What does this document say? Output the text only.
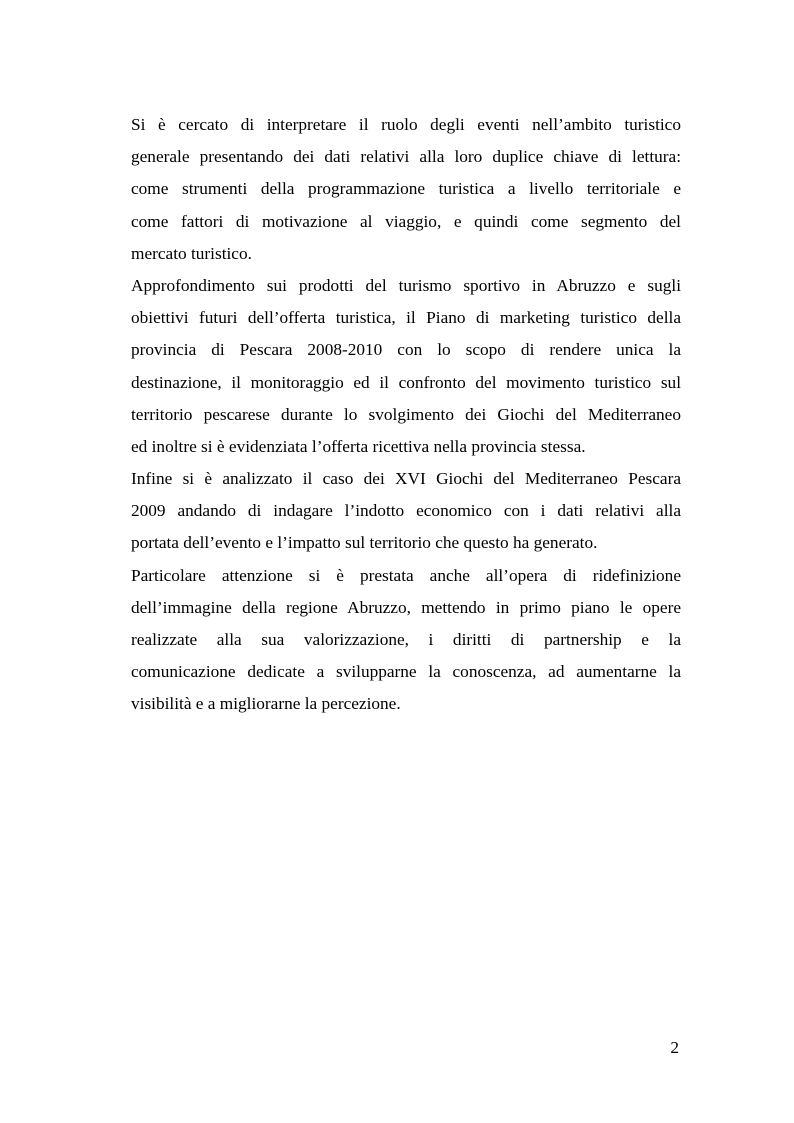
Si è cercato di interpretare il ruolo degli eventi nell’ambito turistico
generale presentando dei dati relativi alla loro duplice chiave di lettura:
come strumenti della programmazione turistica a livello territoriale e
come fattori di motivazione al viaggio, e quindi come segmento del
mercato turistico.
Approfondimento sui prodotti del turismo sportivo in Abruzzo e sugli
obiettivi futuri dell’offerta turistica, il Piano di marketing turistico della
provincia di Pescara 2008-2010 con lo scopo di rendere unica la
destinazione, il monitoraggio ed il confronto del movimento turistico sul
territorio pescarese durante lo svolgimento dei Giochi del Mediterraneo
ed inoltre si è evidenziata l’offerta ricettiva nella provincia stessa.
Infine si è analizzato il caso dei XVI Giochi del Mediterraneo Pescara
2009 andando di indagare l’indotto economico con i dati relativi alla
portata dell’evento e l’impatto sul territorio che questo ha generato.
Particolare attenzione si è prestata anche all’opera di ridefinizione
dell’immagine della regione Abruzzo, mettendo in primo piano le opere
realizzate alla sua valorizzazione, i diritti di partnership e la
comunicazione dedicate a svilupparne la conoscenza, ad aumentarne la
visibilità e a migliorarne la percezione.
2
